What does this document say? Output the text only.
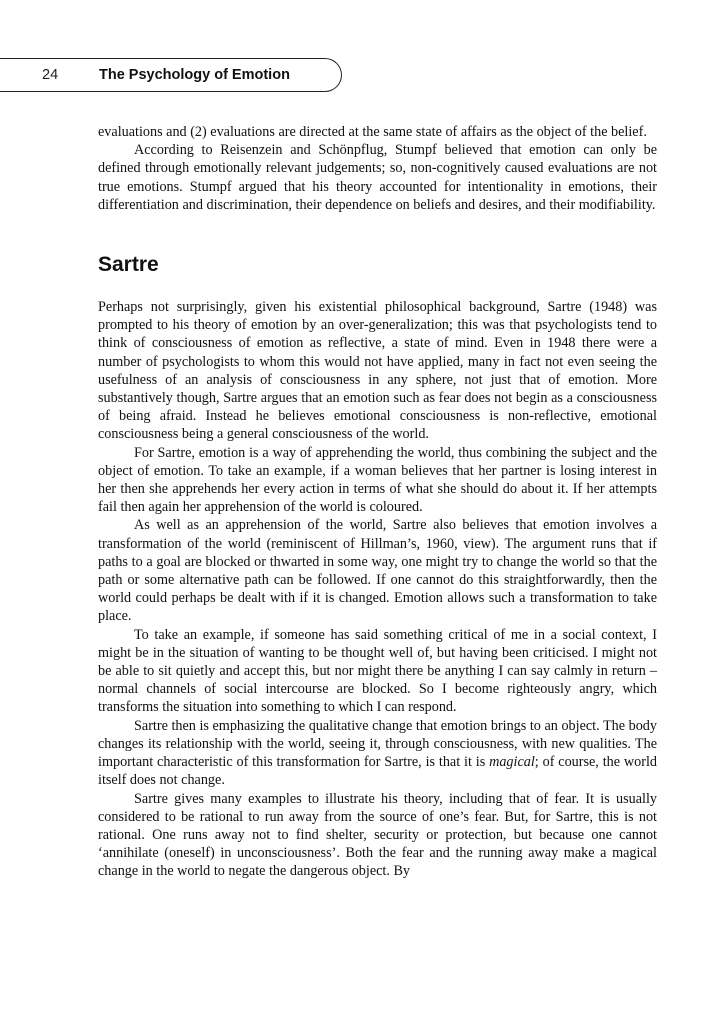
24	The Psychology of Emotion

evaluations and (2) evaluations are directed at the same state of affairs as the object of the belief.

According to Reisenzein and Schönpflug, Stumpf believed that emotion can only be defined through emotionally relevant judgements; so, non-cognitively caused evaluations are not true emotions. Stumpf argued that his theory accounted for intentionality in emotions, their differentiation and discrimination, their dependence on beliefs and desires, and their modifiability.

Sartre

Perhaps not surprisingly, given his existential philosophical background, Sartre (1948) was prompted to his theory of emotion by an over-generalization; this was that psychologists tend to think of consciousness of emotion as reflective, a state of mind. Even in 1948 there were a number of psychologists to whom this would not have applied, many in fact not even seeing the usefulness of an analysis of consciousness in any sphere, not just that of emotion. More substantively though, Sartre argues that an emotion such as fear does not begin as a consciousness of being afraid. Instead he believes emotional consciousness is non-reflective, emotional consciousness being a general consciousness of the world.

For Sartre, emotion is a way of apprehending the world, thus combining the subject and the object of emotion. To take an example, if a woman believes that her partner is losing interest in her then she apprehends her every action in terms of what she should do about it. If her attempts fail then again her apprehension of the world is coloured.

As well as an apprehension of the world, Sartre also believes that emotion involves a transformation of the world (reminiscent of Hillman’s, 1960, view). The argument runs that if paths to a goal are blocked or thwarted in some way, one might try to change the world so that the path or some alternative path can be followed. If one cannot do this straightforwardly, then the world could perhaps be dealt with if it is changed. Emotion allows such a transformation to take place.

To take an example, if someone has said something critical of me in a social context, I might be in the situation of wanting to be thought well of, but having been criticised. I might not be able to sit quietly and accept this, but nor might there be anything I can say calmly in return – normal channels of social intercourse are blocked. So I become righteously angry, which transforms the situation into something to which I can respond.

Sartre then is emphasizing the qualitative change that emotion brings to an object. The body changes its relationship with the world, seeing it, through consciousness, with new qualities. The important characteristic of this transformation for Sartre, is that it is magical; of course, the world itself does not change.

Sartre gives many examples to illustrate his theory, including that of fear. It is usually considered to be rational to run away from the source of one’s fear. But, for Sartre, this is not rational. One runs away not to find shelter, security or protection, but because one cannot ‘annihilate (oneself) in unconsciousness’. Both the fear and the running away make a magical change in the world to negate the dangerous object. By
